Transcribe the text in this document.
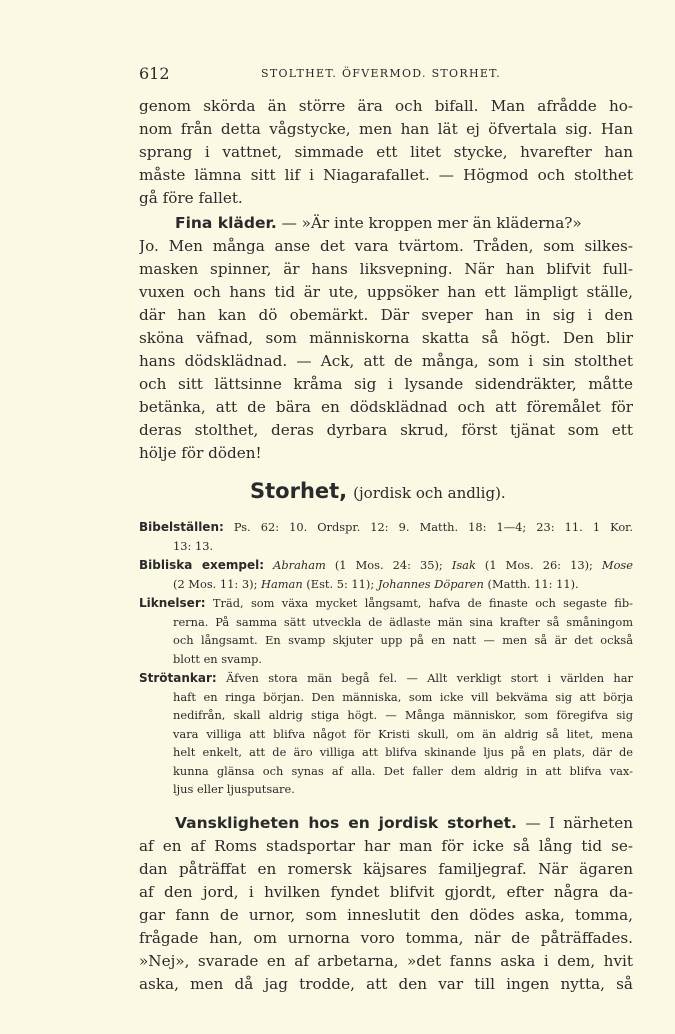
612	STOLTHET. ÖFVERMOD. STORHET.
genom skörda än större ära och bifall. Man afrådde ho-
nom från detta vågstycke, men han lät ej öfvertala sig. Han
sprang i vattnet, simmade ett litet stycke, hvarefter han
måste lämna sitt lif i Niagarafallet. — Högmod och stolthet
gå före fallet.
Fina kläder. — »Är inte kroppen mer än kläderna?»
Jo. Men många anse det vara tvärtom. Tråden, som silkes-
masken spinner, är hans liksvepning. När han blifvit full-
vuxen och hans tid är ute, uppsöker han ett lämpligt ställe,
där han kan dö obemärkt. Där sveper han in sig i den
sköna väfnad, som människorna skatta så högt. Den blir
hans dödsklädnad. — Ack, att de många, som i sin stolthet
och sitt lättsinne kråma sig i lysande sidendräkter, måtte
betänka, att de bära en dödsklädnad och att föremålet för
deras stolthet, deras dyrbara skrud, först tjänat som ett
hölje för döden!
Storhet, (jordisk och andlig).
Bibelställen: Ps. 62: 10. Ordspr. 12: 9. Matth. 18: 1—4; 23: 11. 1 Kor.
13: 13.
Bibliska exempel: Abraham (1 Mos. 24: 35); Isak (1 Mos. 26: 13); Mose
(2 Mos. 11: 3); Haman (Est. 5: 11); Johannes Döparen (Matth. 11: 11).
Liknelser: Träd, som växa mycket långsamt, hafva de finaste och segaste fib-
rerna. På samma sätt utveckla de ädlaste män sina krafter så småningom
och långsamt. En svamp skjuter upp på en natt — men så är det också
blott en svamp.
Strötankar: Äfven stora män begå fel. — Allt verkligt stort i världen har
haft en ringa början. Den människa, som icke vill bekväma sig att börja
nedifrån, skall aldrig stiga högt. — Många människor, som föregifva sig
vara villiga att blifva något för Kristi skull, om än aldrig så litet, mena
helt enkelt, att de äro villiga att blifva skinande ljus på en plats, där de
kunna glänsa och synas af alla. Det faller dem aldrig in att blifva vax-
ljus eller ljusputsare.
Vanskligheten hos en jordisk storhet. — I närheten
af en af Roms stadsportar har man för icke så lång tid se-
dan påträffat en romersk käjsares familjegraf. När ägaren
af den jord, i hvilken fyndet blifvit gjordt, efter några da-
gar fann de urnor, som inneslutit den dödes aska, tomma,
frågade han, om urnorna voro tomma, när de påträffades.
»Nej», svarade en af arbetarna, »det fanns aska i dem, hvit
aska, men då jag trodde, att den var till ingen nytta, så
